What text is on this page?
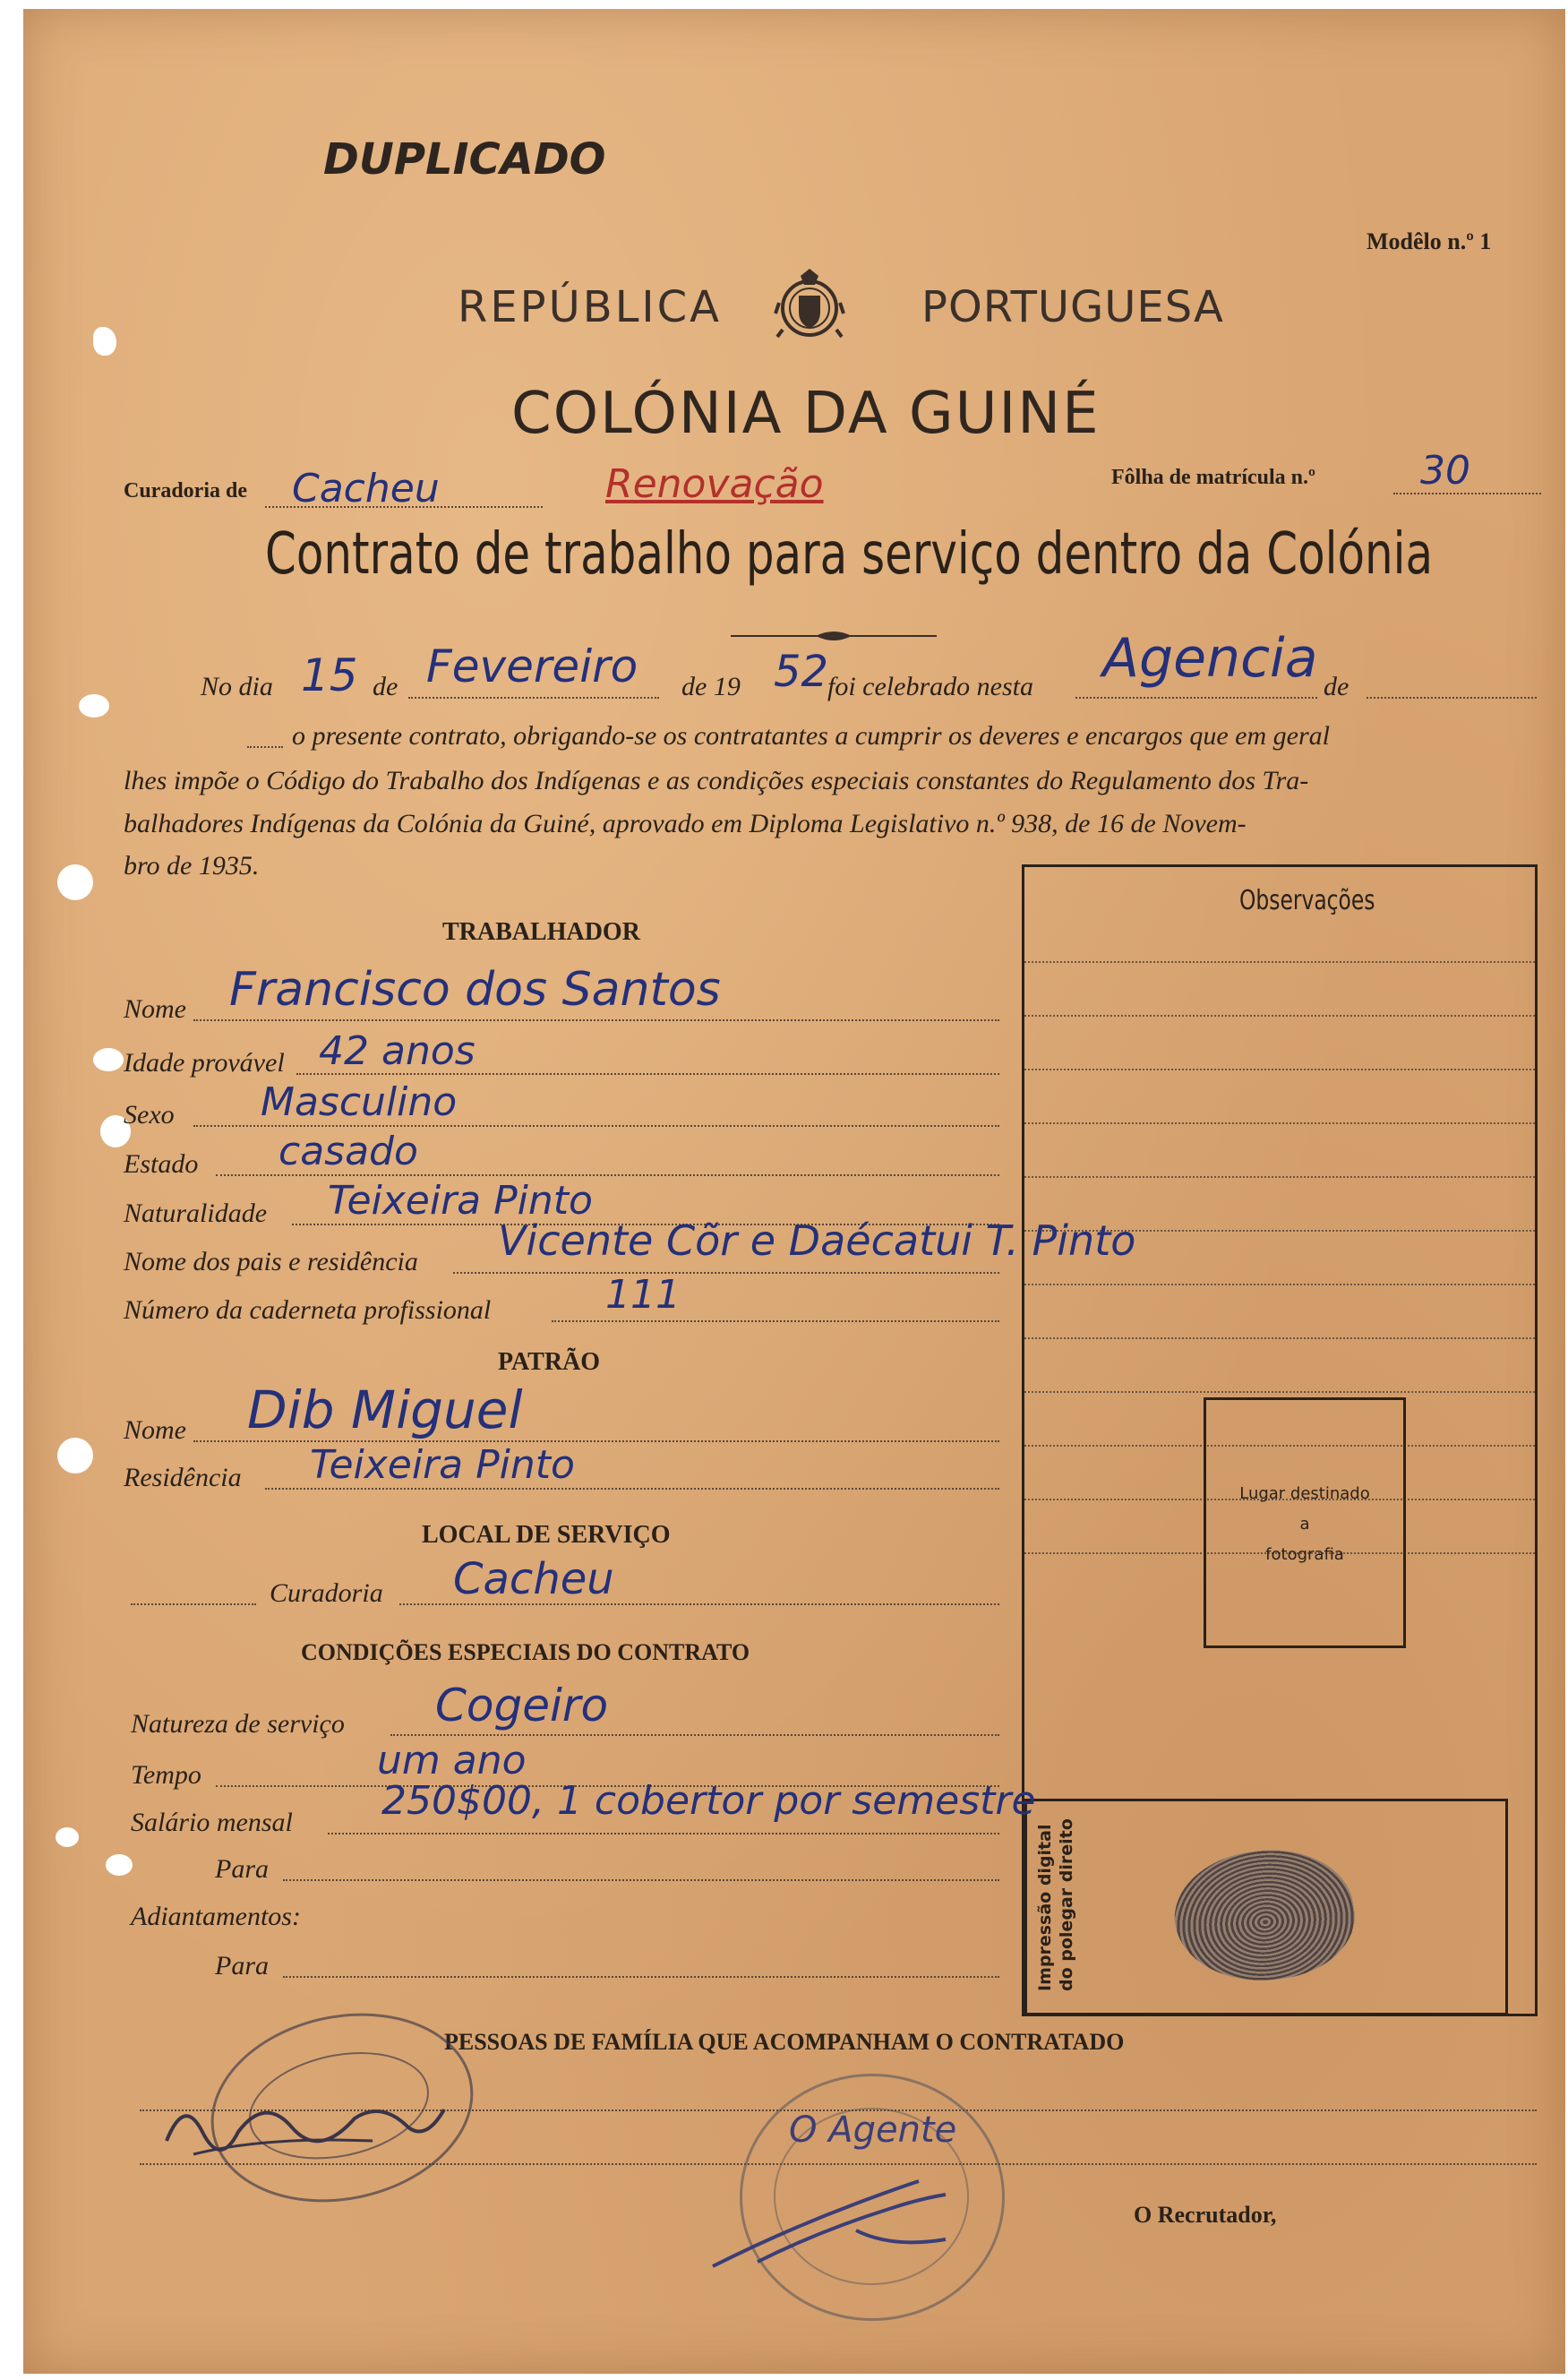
DUPLICADO
Modêlo n.º 1
REPÚBLICA	PORTUGUESA
COLÓNIA DA GUINÉ
Curadoria de Cacheu	Renovação	Fôlha de matrícula n.º	30
Contrato de trabalho para serviço dentro da Colónia
No dia 15 de Fevereiro de 19 52
foi celebrado nesta Agencia de
o presente contrato, obrigando-se os contratantes a cumprir os deveres e encargos que em geral
lhes impõe o Código do Trabalho dos Indígenas e as condições especiais constantes do Regulamento dos Tra-
balhadores Indígenas da Colónia da Guiné, aprovado em Diploma Legislativo n.º 938, de 16 de Novem-
bro de 1935.
Observações
Lugar destinado
a
fotografia
Impressão digital do polegar direito
TRABALHADOR
Nome Francisco dos Santos
Idade provável 42 anos
Sexo Masculino
Estado casado
Naturalidade Teixeira Pinto
Nome dos pais e residência Vicente Cõr e Daécatui T. Pinto
Número da caderneta profissional	111
PATRÃO
Nome Dib Miguel
Residência Teixeira Pinto
LOCAL DE SERVIÇO
Curadoria Cacheu
CONDIÇÕES ESPECIAIS DO CONTRATO
Natureza de serviço Cogeiro
Tempo	um ano
Salário mensal 250$00, 1 cobertor por semestre
Para
Adiantamentos:
Para
PESSOAS DE FAMÍLIA QUE ACOMPANHAM O CONTRATADO
O Recrutador,
O Agente
